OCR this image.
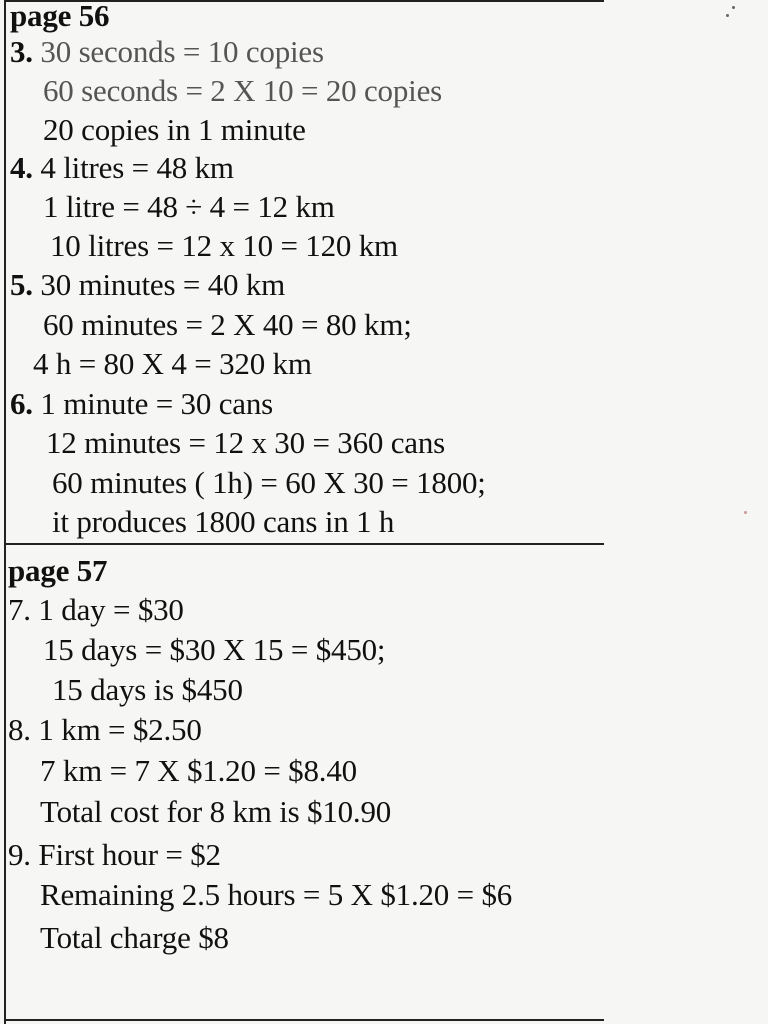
page 56
3. 30 seconds = 10 copies
60 seconds = 2 X 10 = 20 copies
20 copies in 1 minute
4. 4 litres = 48 km
1 litre = 48 ÷ 4 = 12 km
10 litres = 12 x 10 = 120 km
5. 30 minutes = 40 km
60 minutes = 2 X 40 = 80 km;
4 h = 80 X 4 = 320 km
6. 1 minute = 30 cans
12 minutes = 12 x 30 = 360 cans
60 minutes ( 1h) = 60 X 30 = 1800;
it produces 1800 cans in 1 h
page 57
7. 1 day = $30
15 days = $30 X 15 = $450;
15 days is $450
8. 1 km = $2.50
7 km = 7 X $1.20 = $8.40
Total cost for 8 km is $10.90
9. First hour = $2
Remaining 2.5 hours = 5 X $1.20 = $6
Total charge $8
